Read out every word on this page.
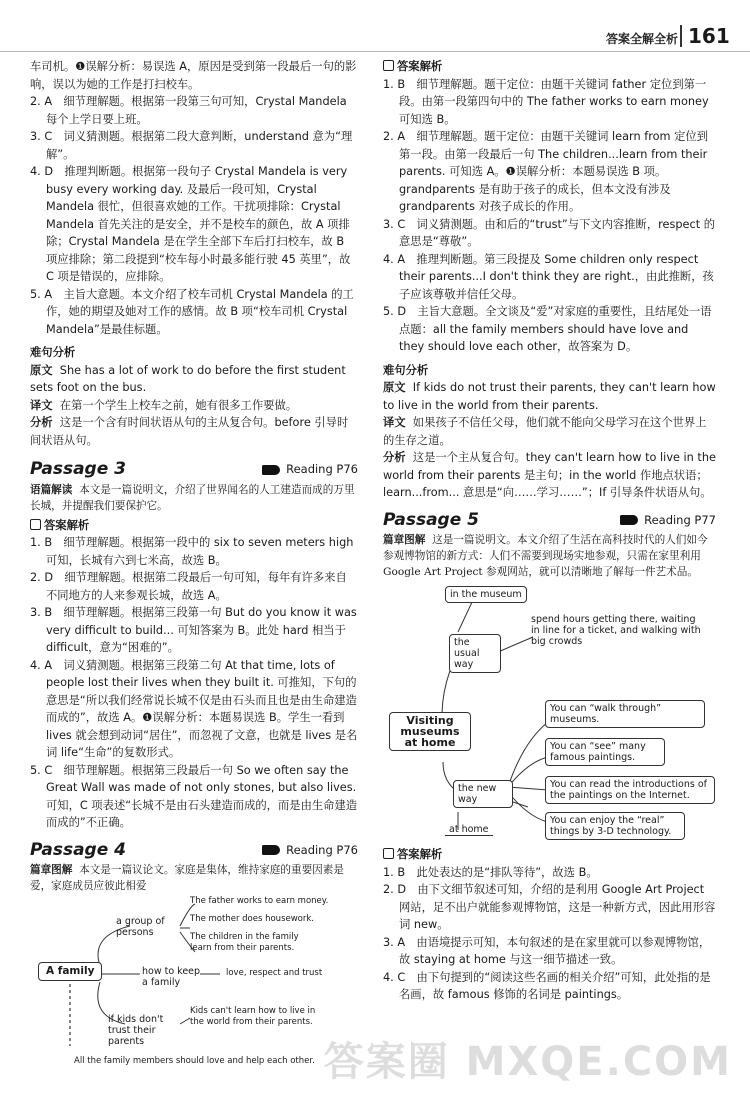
答案全解全析 161

车司机。❶误解分析：易误选 A，原因是受到第一段最后一句的影响，误以为她的工作是打扫校车。

2. A　细节理解题。根据第一段第三句可知，Crystal Mandela 每个上学日要上班。

3. C　词义猜测题。根据第二段大意判断，understand 意为“理解”。

4. D　推理判断题。根据第一段句子 Crystal Mandela is very busy every working day. 及最后一段可知，Crystal Mandela 很忙，但很喜欢她的工作。干扰项排除：Crystal Mandela 首先关注的是安全，并不是校车的颜色，故 A 项排除；Crystal Mandela 是在学生全部下车后打扫校车，故 B 项应排除；第二段提到“校车每小时最多能行驶 45 英里”，故 C 项是错误的，应排除。

5. A　主旨大意题。本文介绍了校车司机 Crystal Mandela 的工作，她的期望及她对工作的感情。故 B 项“校车司机 Crystal Mandela”是最佳标题。

难句分析

原文 She has a lot of work to do before the first student sets foot on the bus.

译文 在第一个学生上校车之前，她有很多工作要做。

分析 这是一个含有时间状语从句的主从复合句。before 引导时间状语从句。

Passage 3	Reading P76

语篇解读 本文是一篇说明文，介绍了世界闻名的人工建造而成的万里长城，并提醒我们要保护它。

答案解析

1. B　细节理解题。根据第一段中的 six to seven meters high 可知，长城有六到七米高，故选 B。

2. D　细节理解题。根据第二段最后一句可知，每年有许多来自不同地方的人来参观长城，故选 A。

3. B　细节理解题。根据第三段第一句 But do you know it was very difficult to build... 可知答案为 B。此处 hard 相当于 difficult，意为“困难的”。

4. A　词义猜测题。根据第三段第二句 At that time, lots of people lost their lives when they built it. 可推知，下句的意思是“所以我们经常说长城不仅是由石头而且也是由生命建造而成的”，故选 A。❶误解分析：本题易误选 B。学生一看到 lives 就会想到动词“居住”，而忽视了文意，也就是 lives 是名词 life“生命”的复数形式。

5. C　细节理解题。根据第三段最后一句 So we often say the Great Wall was made of not only stones, but also lives. 可知，C 项表述“长城不是由石头建造而成的，而是由生命建造而成的”不正确。

Passage 4	Reading P76

篇章图解 本文是一篇议论文。家庭是集体，维持家庭的重要因素是爱，家庭成员应彼此相爱

A family
a group of persons
how to keep a family
if kids don't trust their parents
The father works to earn money.
The mother does housework.
The children in the family learn from their parents.
love, respect and trust
Kids can't learn how to live in the world from their parents.
All the family members should love and help each other.

答案解析

1. B　细节理解题。题干定位：由题干关键词 father 定位到第一段。由第一段第四句中的 The father works to earn money 可知选 B。

2. A　细节理解题。题干定位：由题干关键词 learn from 定位到第一段。由第一段最后一句 The children...learn from their parents. 可知选 A。❶误解分析：本题易误选 B 项。grandparents 是有助于孩子的成长，但本文没有涉及 grandparents 对孩子成长的作用。

3. C　词义猜测题。由和后的“trust”与下文内容推断，respect 的意思是“尊敬”。

4. A　推理判断题。第三段提及 Some children only respect their parents...I don't think they are right.，由此推断，孩子应该尊敬并信任父母。

5. D　主旨大意题。全文谈及“爱”对家庭的重要性，且结尾处一语点题：all the family members should have love and they should love each other，故答案为 D。

难句分析

原文 If kids do not trust their parents, they can't learn how to live in the world from their parents.

译文 如果孩子不信任父母，他们就不能向父母学习在这个世界上的生存之道。

分析 这是一个主从复合句。they can't learn how to live in the world from their parents 是主句；in the world 作地点状语；learn...from... 意思是“向……学习……”；If 引导条件状语从句。

Passage 5	Reading P77

篇章图解 这是一篇说明文。本文介绍了生活在高科技时代的人们如今参观博物馆的新方式：人们不需要到现场实地参观，只需在家里利用 Google Art Project 参观网站，就可以清晰地了解每一件艺术品。

in the museum
the usual way
spend hours getting there, waiting in line for a ticket, and walking with big crowds
Visiting museums at home
the new way
at home
You can “walk through” museums.
You can “see” many famous paintings.
You can read the introductions of the paintings on the Internet.
You can enjoy the “real” things by 3-D technology.

答案解析

1. B　此处表达的是“排队等待”，故选 B。

2. D　由下文细节叙述可知，介绍的是利用 Google Art Project 网站，足不出户就能参观博物馆，这是一种新方式，因此用形容词 new。

3. A　由语境提示可知，本句叙述的是在家里就可以参观博物馆，故 staying at home 与这一细节描述一致。

4. C　由下句提到的“阅读这些名画的相关介绍”可知，此处指的是名画，故 famous 修饰的名词是 paintings。

答案圈 MXQE.COM
